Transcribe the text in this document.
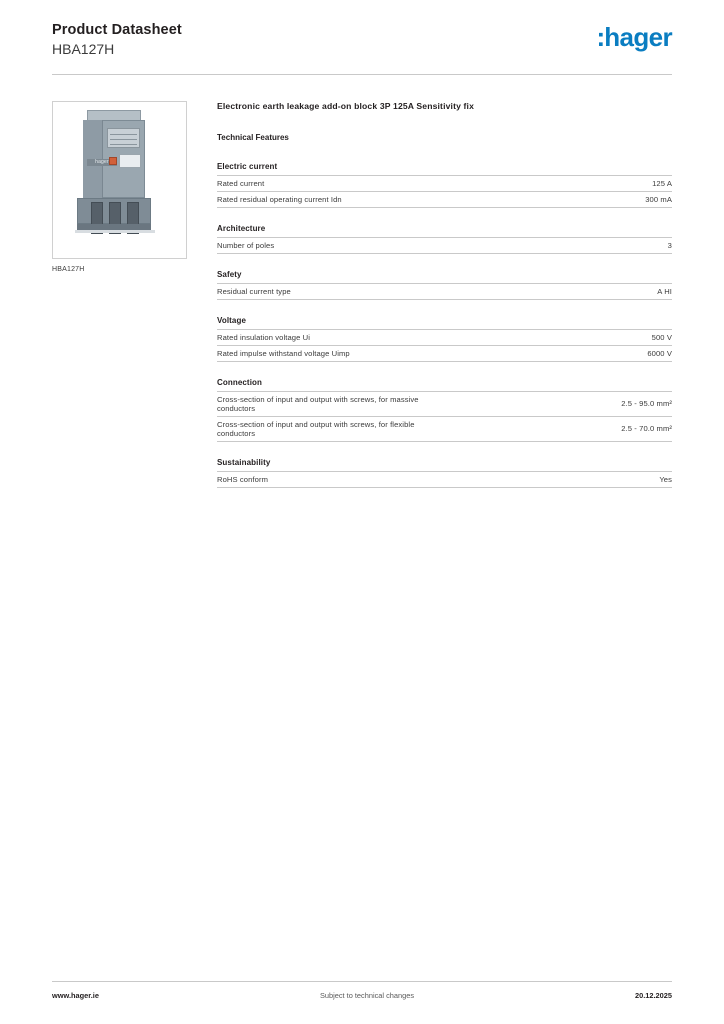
Product Datasheet
HBA127H	:hager
hager
HBA127H
Electronic earth leakage add-on block 3P 125A Sensitivity fix
Technical Features
Electric current
Rated current	125 A
Rated residual operating current Idn	300 mA
Architecture
Number of poles	3
Safety
Residual current type	A HI
Voltage
Rated insulation voltage Ui	500 V
Rated impulse withstand voltage Uimp	6000 V
Connection
Cross-section of input and output with screws, for massive conductors	2.5 - 95.0 mm²
Cross-section of input and output with screws, for flexible conductors	2.5 - 70.0 mm²
Sustainability
RoHS conform	Yes
www.hager.ie	Subject to technical changes	20.12.2025
